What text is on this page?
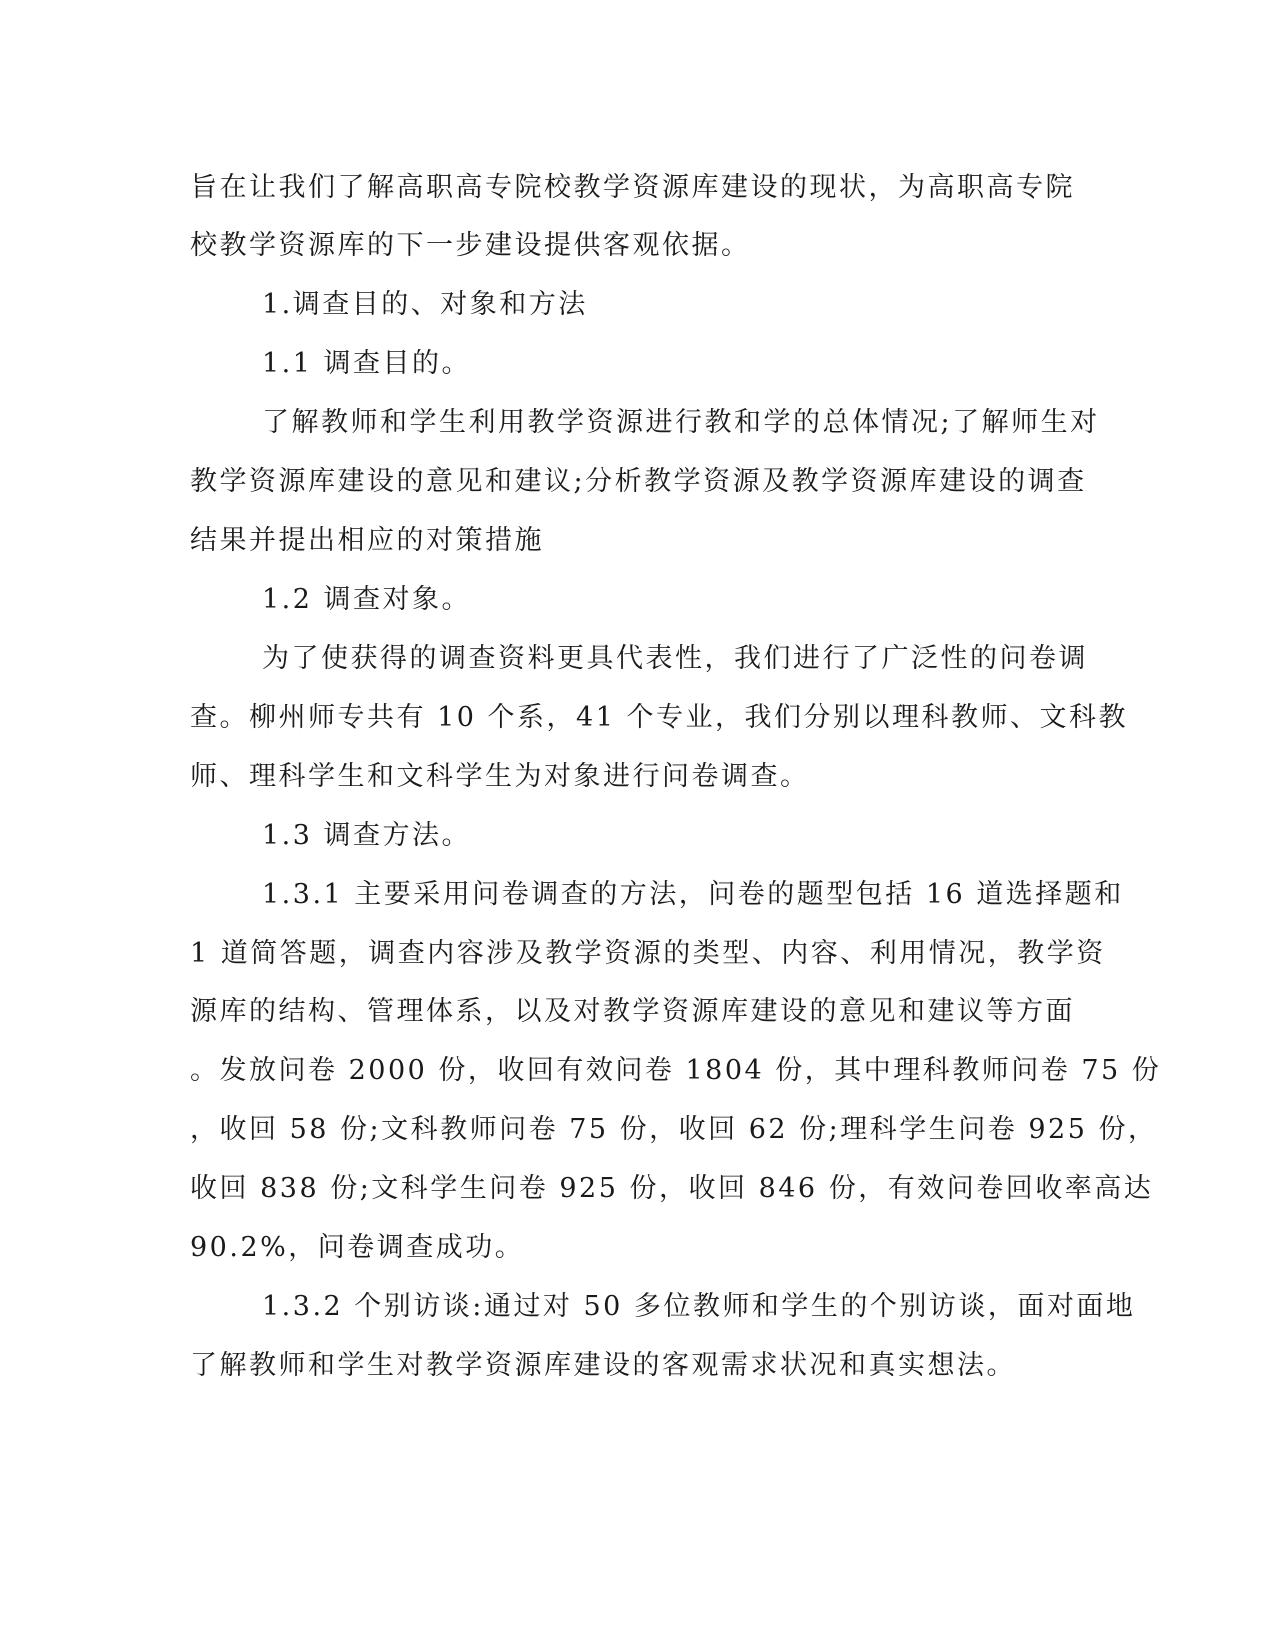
旨在让我们了解高职高专院校教学资源库建设的现状，为高职高专院
校教学资源库的下一步建设提供客观依据。
1.调查目的、对象和方法
1.1 调查目的。
了解教师和学生利用教学资源进行教和学的总体情况;了解师生对
教学资源库建设的意见和建议;分析教学资源及教学资源库建设的调查
结果并提出相应的对策措施
1.2 调查对象。
为了使获得的调查资料更具代表性，我们进行了广泛性的问卷调
查。柳州师专共有 10 个系，41 个专业，我们分别以理科教师、文科教
师、理科学生和文科学生为对象进行问卷调查。
1.3 调查方法。
1.3.1 主要采用问卷调查的方法，问卷的题型包括 16 道选择题和
1 道简答题，调查内容涉及教学资源的类型、内容、利用情况，教学资
源库的结构、管理体系，以及对教学资源库建设的意见和建议等方面
。发放问卷 2000 份，收回有效问卷 1804 份，其中理科教师问卷 75 份
，收回 58 份;文科教师问卷 75 份，收回 62 份;理科学生问卷 925 份，
收回 838 份;文科学生问卷 925 份，收回 846 份，有效问卷回收率高达
90.2%，问卷调查成功。
1.3.2 个别访谈:通过对 50 多位教师和学生的个别访谈，面对面地
了解教师和学生对教学资源库建设的客观需求状况和真实想法。
